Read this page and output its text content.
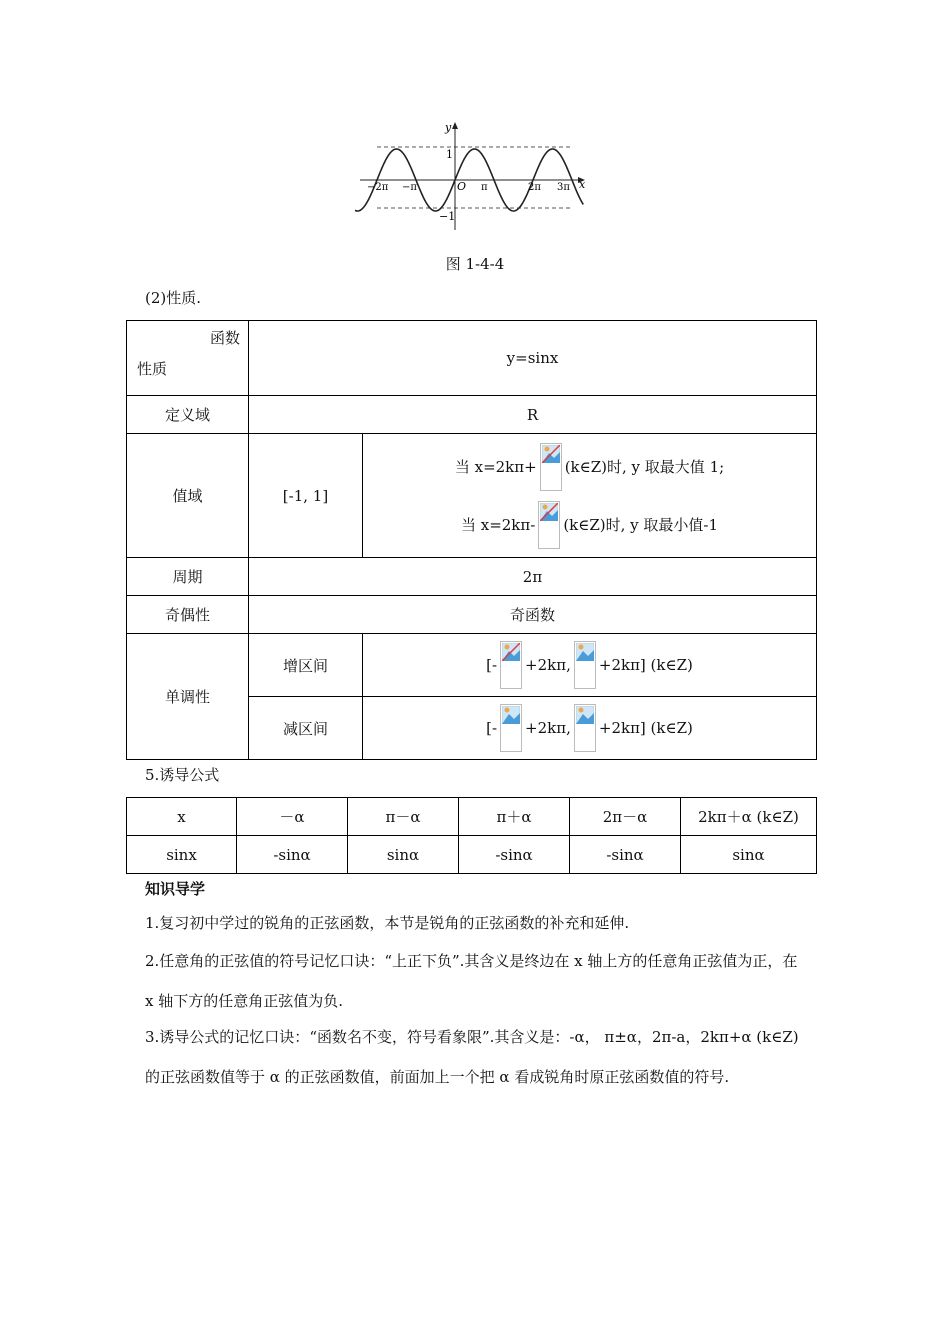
y
x
1
−1
O
−2π −π	π	2π 3π
图 1-4-4
(2)性质.
函数
性质	y=sinx	
定义域	R	
值域	[-1, 1]	当 x=2kπ+ (k∈Z)时, y 取最大值 1;
当 x=2kπ- (k∈Z)时, y 取最小值-1

周期	2π	
奇偶性	奇函数	
单调性	增区间	[- +2kπ, +2kπ] (k∈Z)

	减区间	[- +2kπ, +2kπ] (k∈Z)
5.诱导公式
x	－α	π－α	π＋α	2π－α	2kπ＋α (k∈Z)
sinx	-sinα	sinα	-sinα	-sinα	sinα
知识导学
1.复习初中学过的锐角的正弦函数，本节是锐角的正弦函数的补充和延伸.
2.任意角的正弦值的符号记忆口诀：“上正下负”.其含义是终边在 x 轴上方的任意角正弦值为正，在 x 轴下方的任意角正弦值为负.
3.诱导公式的记忆口诀：“函数名不变，符号看象限”.其含义是：-α， π±α，2π-a，2kπ+α (k∈Z) 的正弦函数值等于 α 的正弦函数值，前面加上一个把 α 看成锐角时原正弦函数值的符号.
